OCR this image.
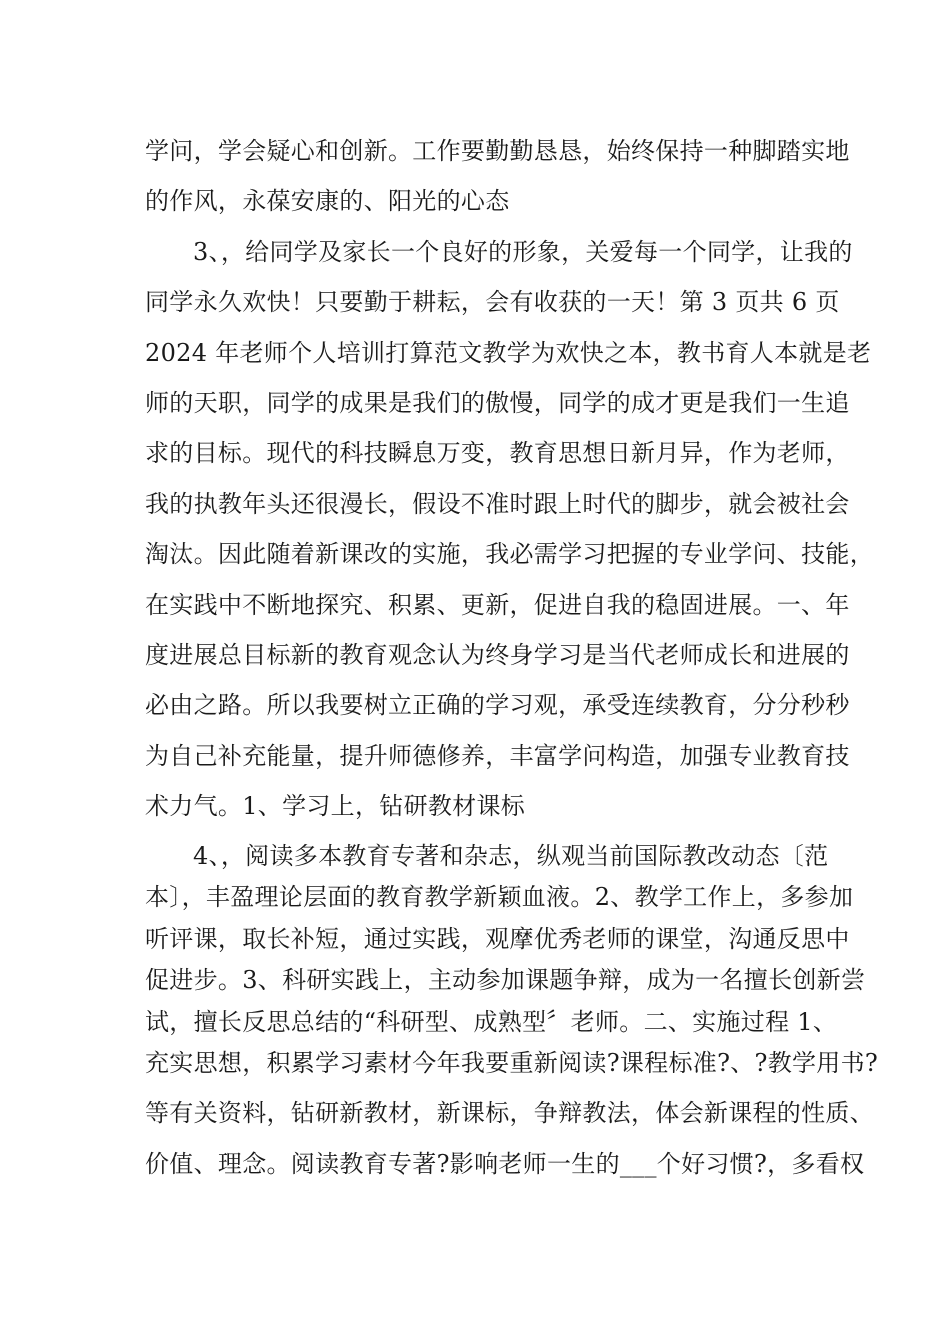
学问，学会疑心和创新。工作要勤勤恳恳，始终保持一种脚踏实地
的作风，永葆安康的、阳光的心态
3、，给同学及家长一个良好的形象，关爱每一个同学，让我的
同学永久欢快！只要勤于耕耘，会有收获的一天！第 3 页共 6 页
2024 年老师个人培训打算范文教学为欢快之本，教书育人本就是老
师的天职，同学的成果是我们的傲慢，同学的成才更是我们一生追
求的目标。现代的科技瞬息万变，教育思想日新月异，作为老师，
我的执教年头还很漫长，假设不准时跟上时代的脚步，就会被社会
淘汰。因此随着新课改的实施，我必需学习把握的专业学问、技能，
在实践中不断地探究、积累、更新，促进自我的稳固进展。一、年
度进展总目标新的教育观念认为终身学习是当代老师成长和进展的
必由之路。所以我要树立正确的学习观，承受连续教育，分分秒秒
为自己补充能量，提升师德修养，丰富学问构造，加强专业教育技
术力气。1、学习上，钻研教材课标
4、，阅读多本教育专著和杂志，纵观当前国际教改动态〔范
本〕，丰盈理论层面的教育教学新颖血液。2、教学工作上，多参加
听评课，取长补短，通过实践，观摩优秀老师的课堂，沟通反思中
促进步。3、科研实践上，主动参加课题争辩，成为一名擅长创新尝
试，擅长反思总结的“科研型、成熟型〞老师。二、实施过程 1、
充实思想，积累学习素材今年我要重新阅读?课程标准?、?教学用书?
等有关资料，钻研新教材，新课标，争辩教法，体会新课程的性质、
价值、理念。阅读教育专著?影响老师一生的___个好习惯?，多看权
